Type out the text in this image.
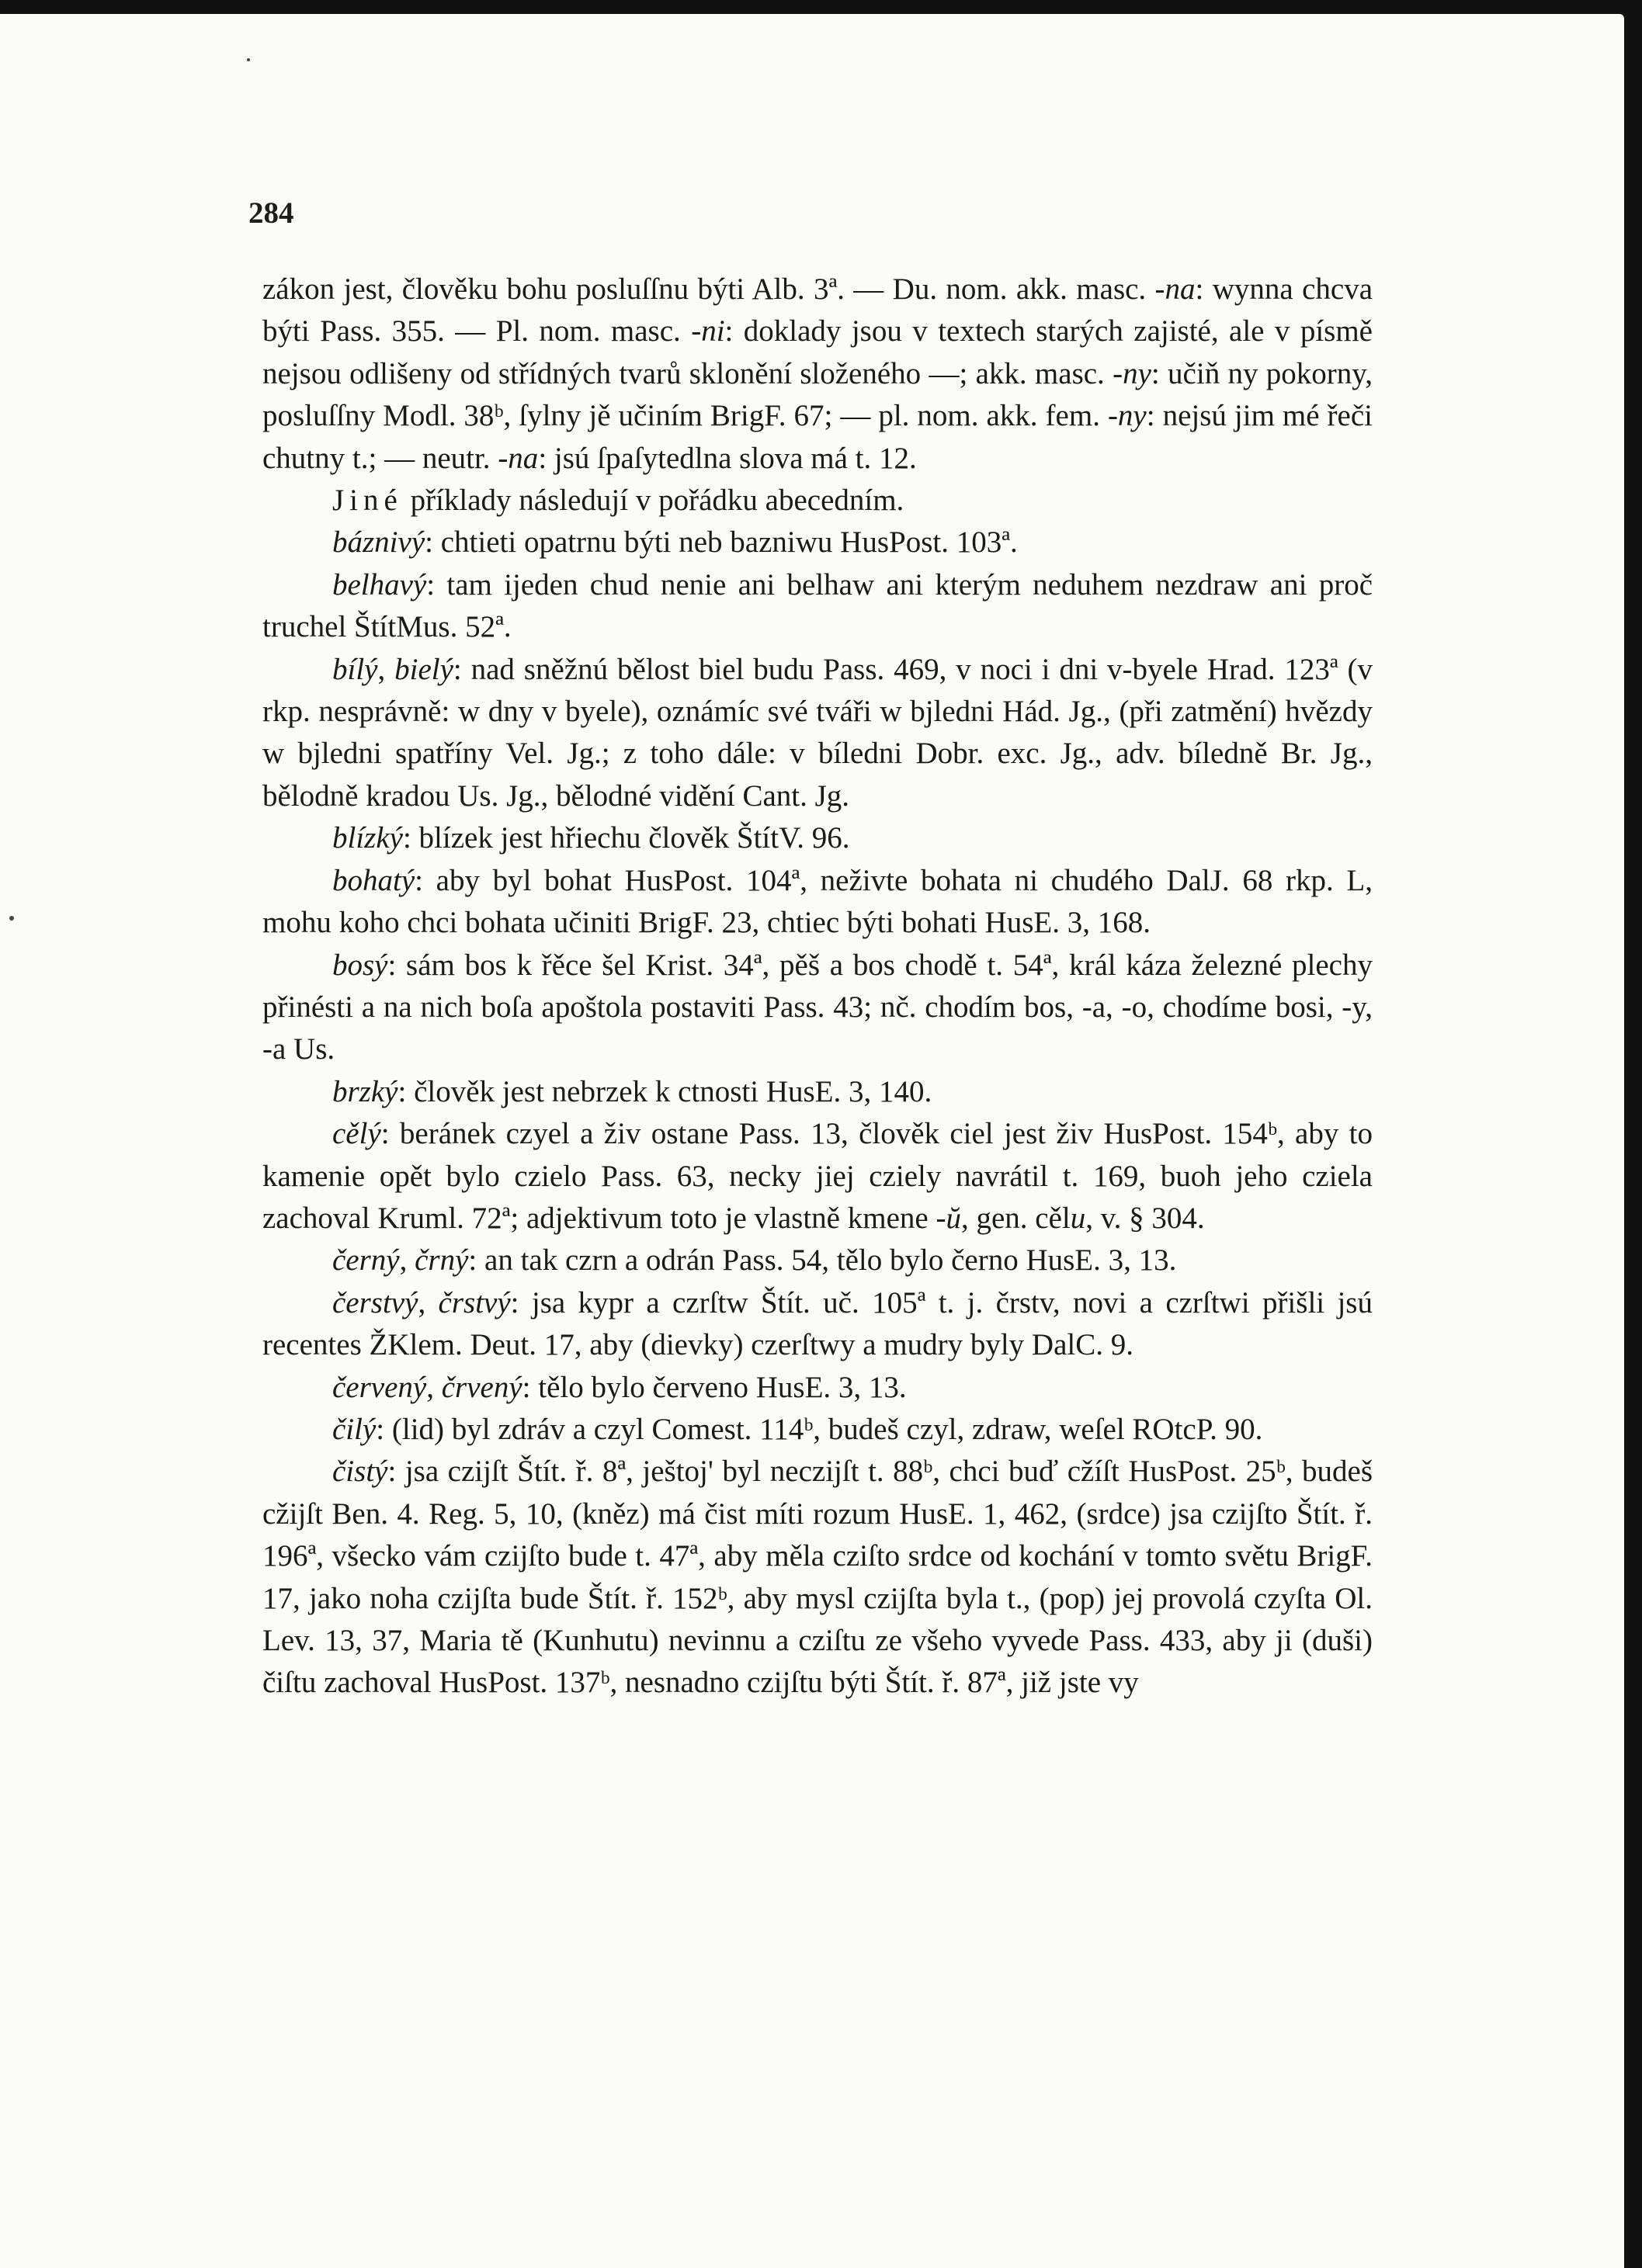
284

zákon jest, člověku bohu posluſſnu býti Alb. 3ª. — Du. nom. akk. masc. -na: wynna chcva býti Pass. 355. — Pl. nom. masc. -ni: doklady jsou v textech starých zajisté, ale v písmě nejsou odlišeny od střídných tvarů sklonění složeného —; akk. masc. -ny: učiň ny pokorny, posluſſny Modl. 38ᵇ, ſylny jě učiním BrigF. 67; — pl. nom. akk. fem. -ny: nejsú jim mé řeči chutny t.; — neutr. -na: jsú ſpaſytedlna slova má t. 12.

Jiné příklady následují v pořádku abecedním.

báznivý: chtieti opatrnu býti neb bazniwu HusPost. 103ª.

belhavý: tam ijeden chud nenie ani belhaw ani kterým neduhem nezdraw ani proč truchel ŠtítMus. 52ª.

bílý, bielý: nad sněžnú bělost biel budu Pass. 469, v noci i dni v-byele Hrad. 123ª (v rkp. nesprávně: w dny v byele), oznámíc své tváři w bjledni Hád. Jg., (při zatmění) hvězdy w bjledni spatříny Vel. Jg.; z toho dále: v bíledni Dobr. exc. Jg., adv. bíledně Br. Jg., bělodně kradou Us. Jg., bělodné vidění Cant. Jg.

blízký: blízek jest hřiechu člověk ŠtítV. 96.

bohatý: aby byl bohat HusPost. 104ª, neživte bohata ni chudého DalJ. 68 rkp. L, mohu koho chci bohata učiniti BrigF. 23, chtiec býti bohati HusE. 3, 168.

bosý: sám bos k řěce šel Krist. 34ª, pěš a bos chodě t. 54ª, král káza železné plechy přinésti a na nich boſa apoštola postaviti Pass. 43; nč. chodím bos, -a, -o, chodíme bosi, -y, -a Us.

brzký: člověk jest nebrzek k ctnosti HusE. 3, 140.

cělý: beránek czyel a živ ostane Pass. 13, člověk ciel jest živ HusPost. 154ᵇ, aby to kamenie opět bylo czielo Pass. 63, necky jiej cziely navrátil t. 169, buoh jeho cziela zachoval Kruml. 72ª; adjektivum toto je vlastně kmene -ŭ, gen. cělu, v. § 304.

černý, črný: an tak czrn a odrán Pass. 54, tělo bylo černo HusE. 3, 13.

čerstvý, črstvý: jsa kypr a czrſtw Štít. uč. 105ª t. j. črstv, novi a czrſtwi přišli jsú recentes ŽKlem. Deut. 17, aby (dievky) czerſtwy a mudry byly DalC. 9.

červený, črvený: tělo bylo červeno HusE. 3, 13.

čilý: (lid) byl zdráv a czyl Comest. 114ᵇ, budeš czyl, zdraw, weſel ROtcP. 90.

čistý: jsa czijſt Štít. ř. 8ª, ještoj' byl neczijſt t. 88ᵇ, chci buď cžíſt HusPost. 25ᵇ, budeš cžijſt Ben. 4. Reg. 5, 10, (kněz) má čist míti rozum HusE. 1, 462, (srdce) jsa czijſto Štít. ř. 196ª, všecko vám czijſto bude t. 47ª, aby měla cziſto srdce od kochání v tomto světu BrigF. 17, jako noha czijſta bude Štít. ř. 152ᵇ, aby mysl czijſta byla t., (pop) jej provolá czyſta Ol. Lev. 13, 37, Maria tě (Kunhutu) nevinnu a cziſtu ze všeho vyvede Pass. 433, aby ji (duši) čiſtu zachoval HusPost. 137ᵇ, nesnadno czijſtu býti Štít. ř. 87ª, již jste vy
